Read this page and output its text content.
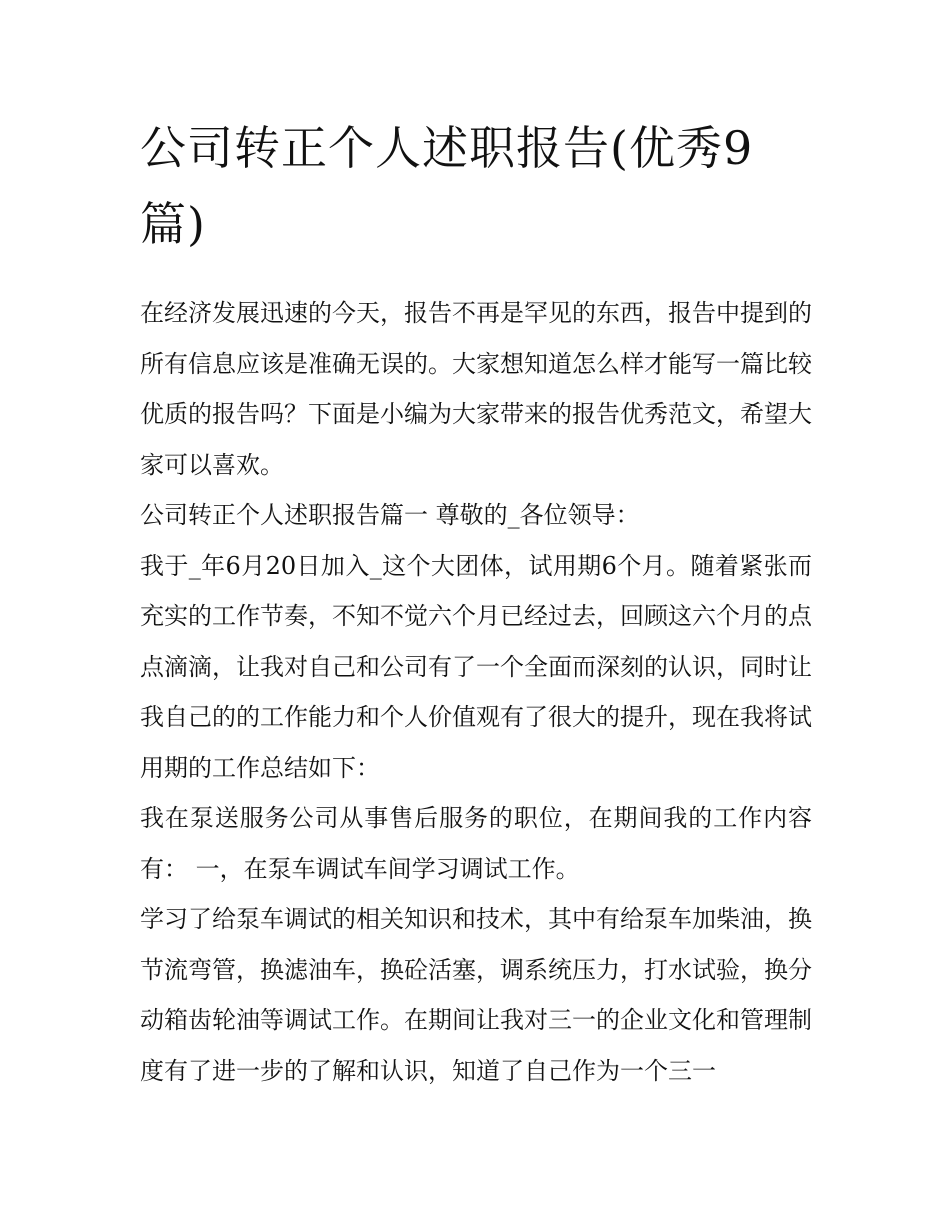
公司转正个人述职报告(优秀9篇)

在经济发展迅速的今天，报告不再是罕见的东西，报告中提到的所有信息应该是准确无误的。大家想知道怎么样才能写一篇比较优质的报告吗？下面是小编为大家带来的报告优秀范文，希望大家可以喜欢。

公司转正个人述职报告篇一 尊敬的_各位领导：

我于_年6月20日加入_这个大团体，试用期6个月。随着紧张而充实的工作节奏，不知不觉六个月已经过去，回顾这六个月的点点滴滴，让我对自己和公司有了一个全面而深刻的认识，同时让我自己的的工作能力和个人价值观有了很大的提升，现在我将试用期的工作总结如下：

我在泵送服务公司从事售后服务的职位，在期间我的工作内容有： 一，在泵车调试车间学习调试工作。

学习了给泵车调试的相关知识和技术，其中有给泵车加柴油，换节流弯管，换滤油车，换砼活塞，调系统压力，打水试验，换分动箱齿轮油等调试工作。在期间让我对三一的企业文化和管理制度有了进一步的了解和认识，知道了自己作为一个三一
